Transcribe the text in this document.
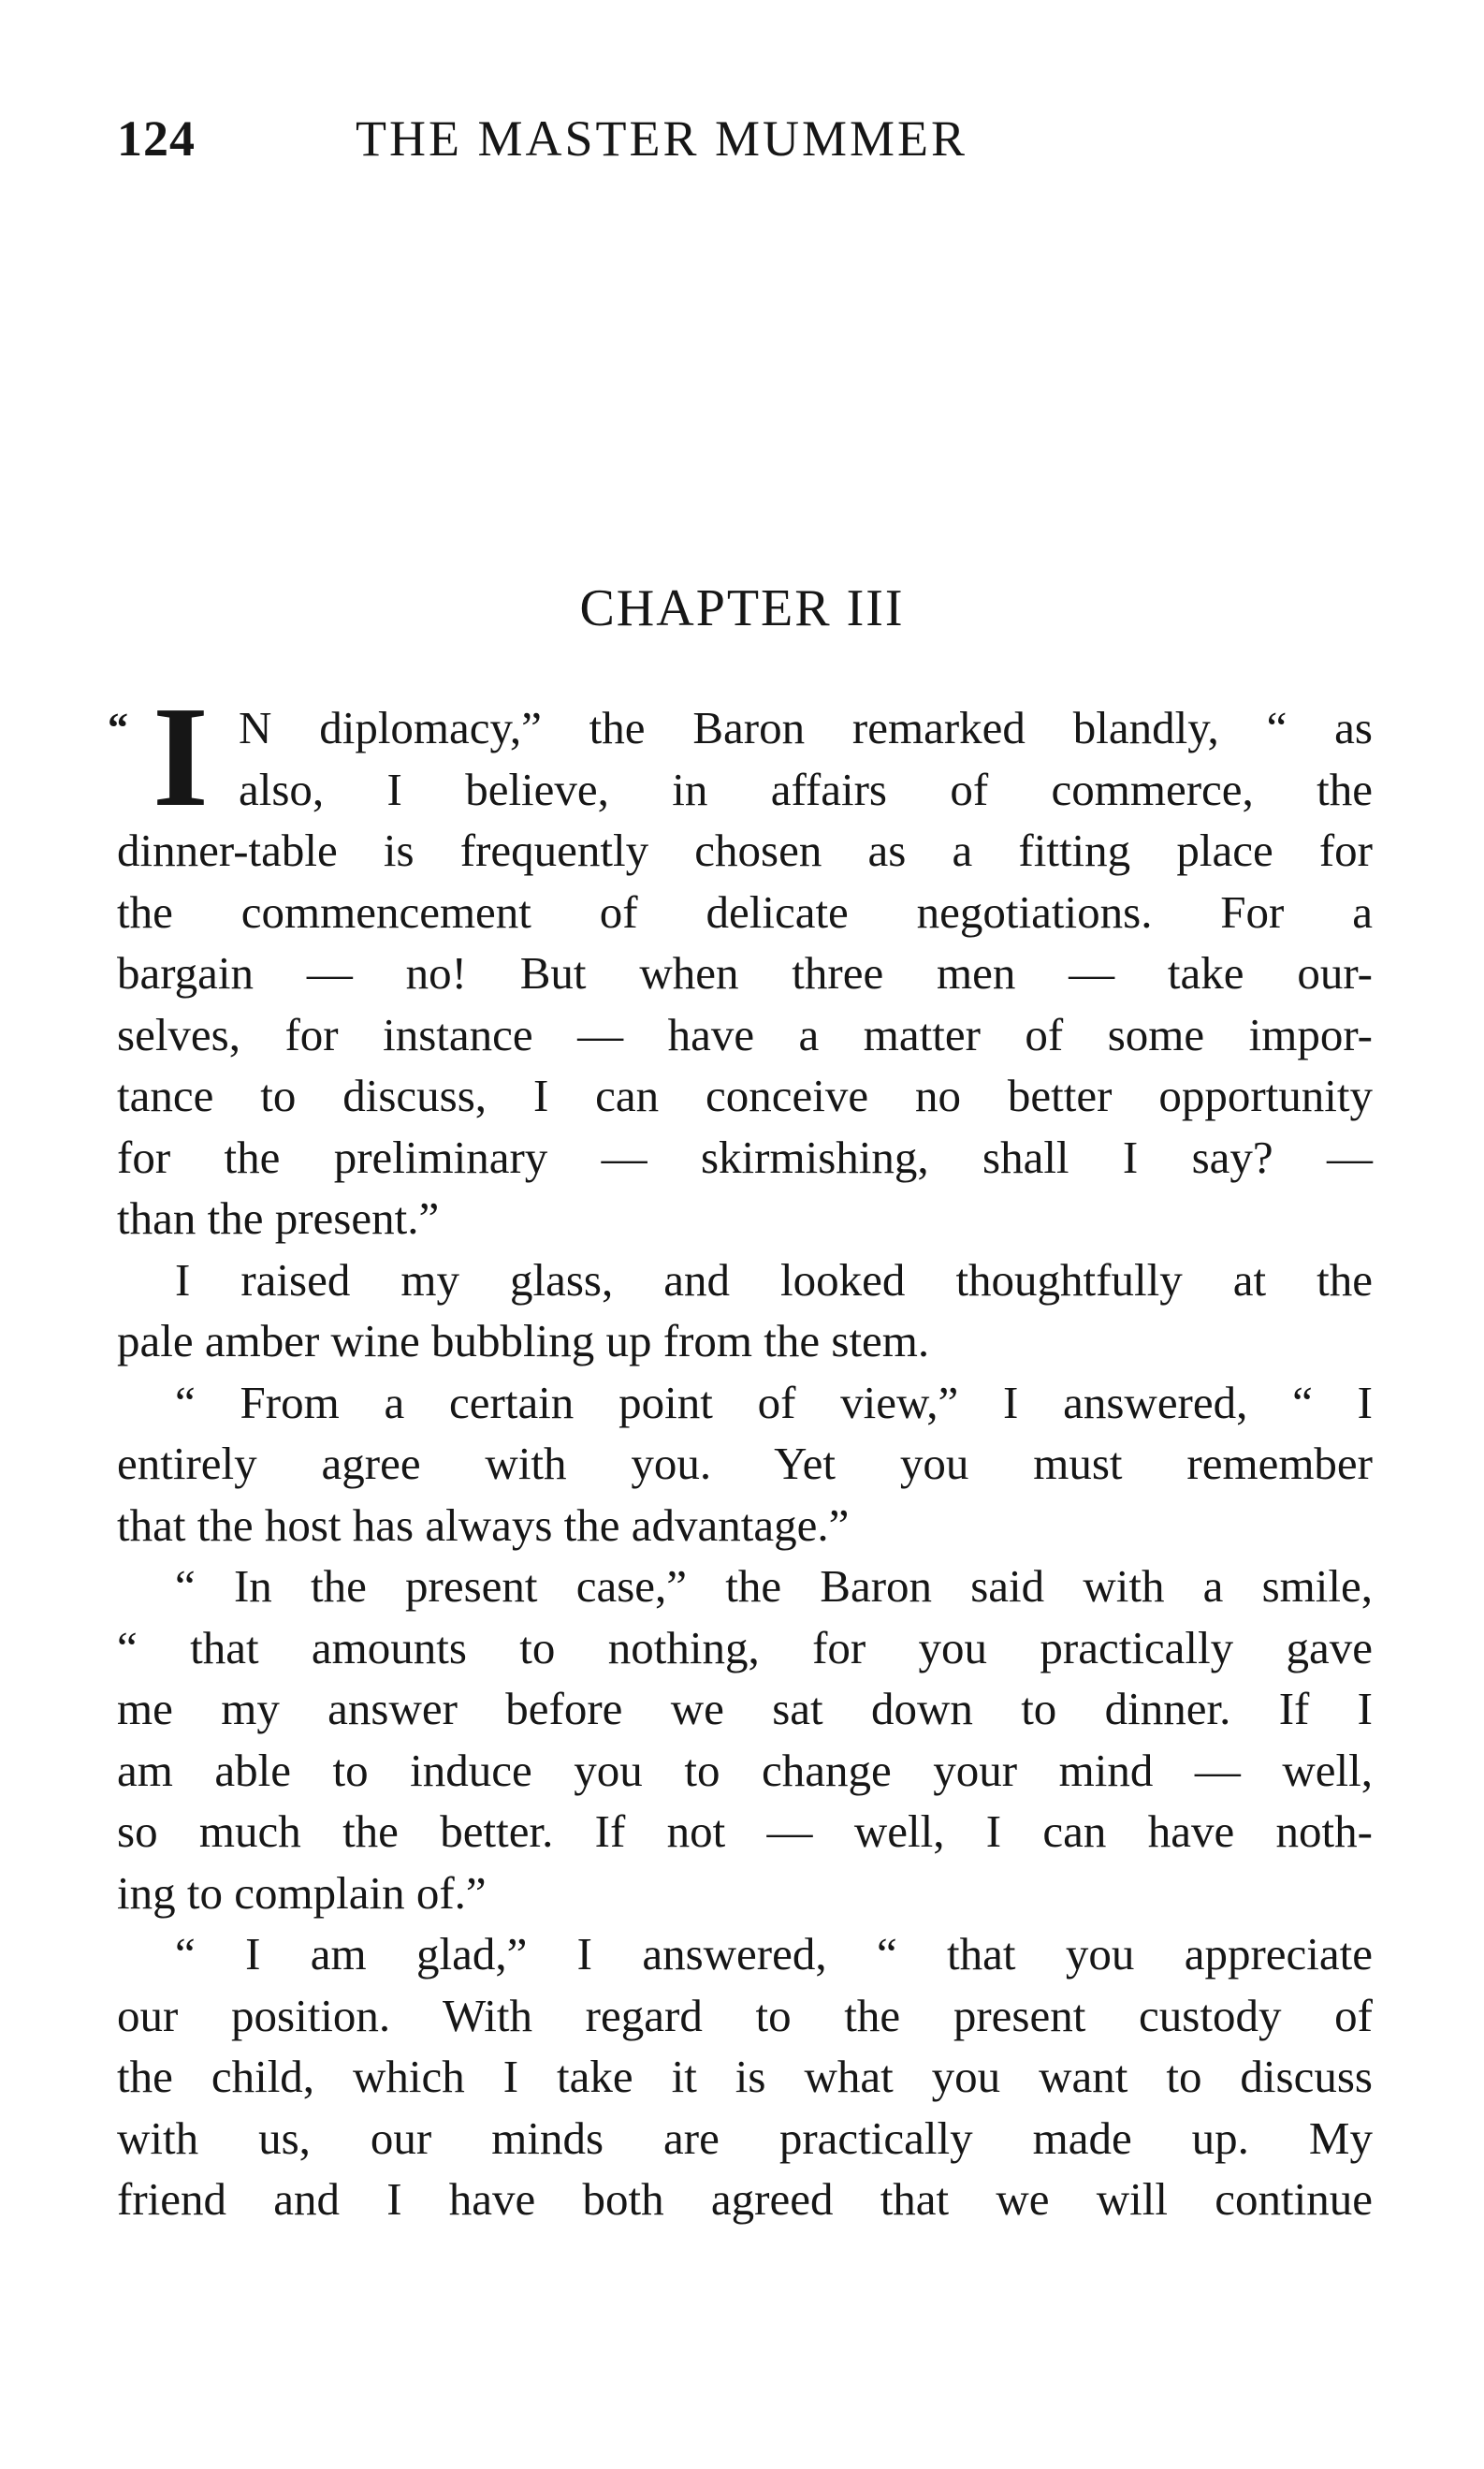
124	THE MASTER MUMMER
CHAPTER III
“ I N diplomacy,” the Baron remarked blandly, “ as
also, I believe, in affairs of commerce, the
dinner-table is frequently chosen as a fitting place for
the commencement of delicate negotiations. For a
bargain — no! But when three men — take our-
selves, for instance — have a matter of some impor-
tance to discuss, I can conceive no better opportunity
for the preliminary — skirmishing, shall I say? —
than the present.”
I raised my glass, and looked thoughtfully at the
pale amber wine bubbling up from the stem.
“ From a certain point of view,” I answered, “ I
entirely agree with you. Yet you must remember
that the host has always the advantage.”
“ In the present case,” the Baron said with a smile,
“ that amounts to nothing, for you practically gave
me my answer before we sat down to dinner. If I
am able to induce you to change your mind — well,
so much the better. If not — well, I can have noth-
ing to complain of.”
“ I am glad,” I answered, “ that you appreciate
our position. With regard to the present custody of
the child, which I take it is what you want to discuss
with us, our minds are practically made up. My
friend and I have both agreed that we will continue
